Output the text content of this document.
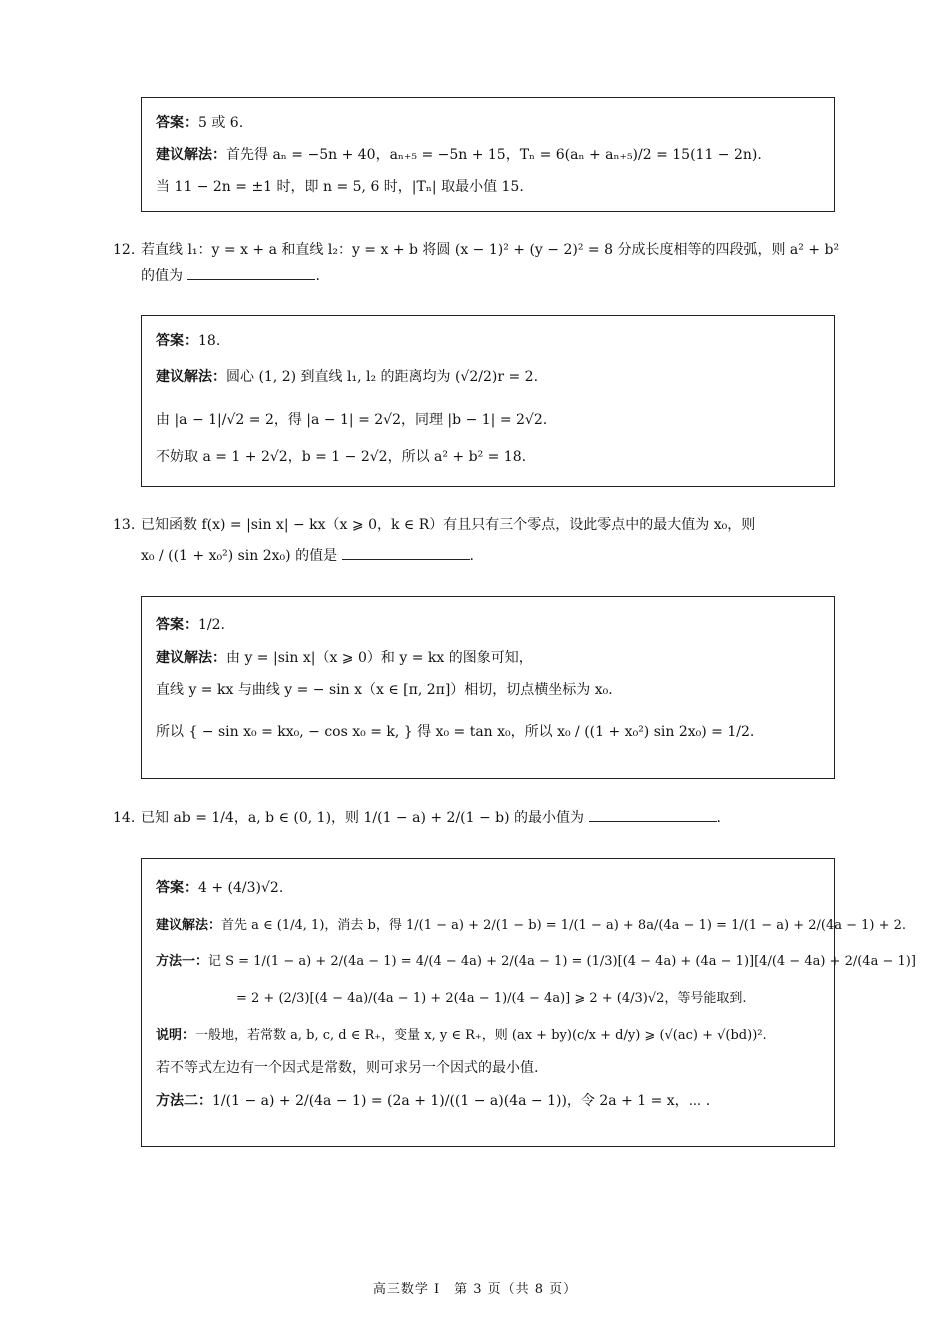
答案：5 或 6.
建议解法：首先得 aₙ = −5n + 40，aₙ₊₅ = −5n + 15，Tₙ = 6(aₙ + aₙ₊₅)/2 = 15(11 − 2n).
当 11 − 2n = ±1 时，即 n = 5, 6 时，|Tₙ| 取最小值 15.
12. 若直线 l₁：y = x + a 和直线 l₂：y = x + b 将圆 (x − 1)² + (y − 2)² = 8 分成长度相等的四段弧，则 a² + b²
的值为	.
答案：18.
建议解法：圆心 (1, 2) 到直线 l₁, l₂ 的距离均为 (√2/2)r = 2.
由 |a − 1|/√2 = 2，得 |a − 1| = 2√2，同理 |b − 1| = 2√2.
不妨取 a = 1 + 2√2，b = 1 − 2√2，所以 a² + b² = 18.
13. 已知函数 f(x) = |sin x| − kx（x ⩾ 0，k ∈ R）有且只有三个零点，设此零点中的最大值为 x₀，则
x₀ / ((1 + x₀²) sin 2x₀) 的值是	.
答案：1/2.
建议解法：由 y = |sin x|（x ⩾ 0）和 y = kx 的图象可知，
直线 y = kx 与曲线 y = − sin x（x ∈ [π, 2π]）相切，切点横坐标为 x₀.
所以 { − sin x₀ = kx₀, − cos x₀ = k, } 得 x₀ = tan x₀，所以 x₀ / ((1 + x₀²) sin 2x₀) = 1/2.
14. 已知 ab = 1/4，a, b ∈ (0, 1)，则 1/(1 − a) + 2/(1 − b) 的最小值为	.
答案：4 + (4/3)√2.
建议解法：首先 a ∈ (1/4, 1)，消去 b，得 1/(1 − a) + 2/(1 − b) = 1/(1 − a) + 8a/(4a − 1) = 1/(1 − a) + 2/(4a − 1) + 2.
方法一：记 S = 1/(1 − a) + 2/(4a − 1) = 4/(4 − 4a) + 2/(4a − 1) = (1/3)[(4 − 4a) + (4a − 1)][4/(4 − 4a) + 2/(4a − 1)]
= 2 + (2/3)[(4 − 4a)/(4a − 1) + 2(4a − 1)/(4 − 4a)] ⩾ 2 + (4/3)√2，等号能取到.
说明：一般地，若常数 a, b, c, d ∈ R₊，变量 x, y ∈ R₊，则 (ax + by)(c/x + d/y) ⩾ (√(ac) + √(bd))².
若不等式左边有一个因式是常数，则可求另一个因式的最小值.
方法二：1/(1 − a) + 2/(4a − 1) = (2a + 1)/((1 − a)(4a − 1))，令 2a + 1 = x，⋯ .
高三数学 I　第 3 页（共 8 页）
